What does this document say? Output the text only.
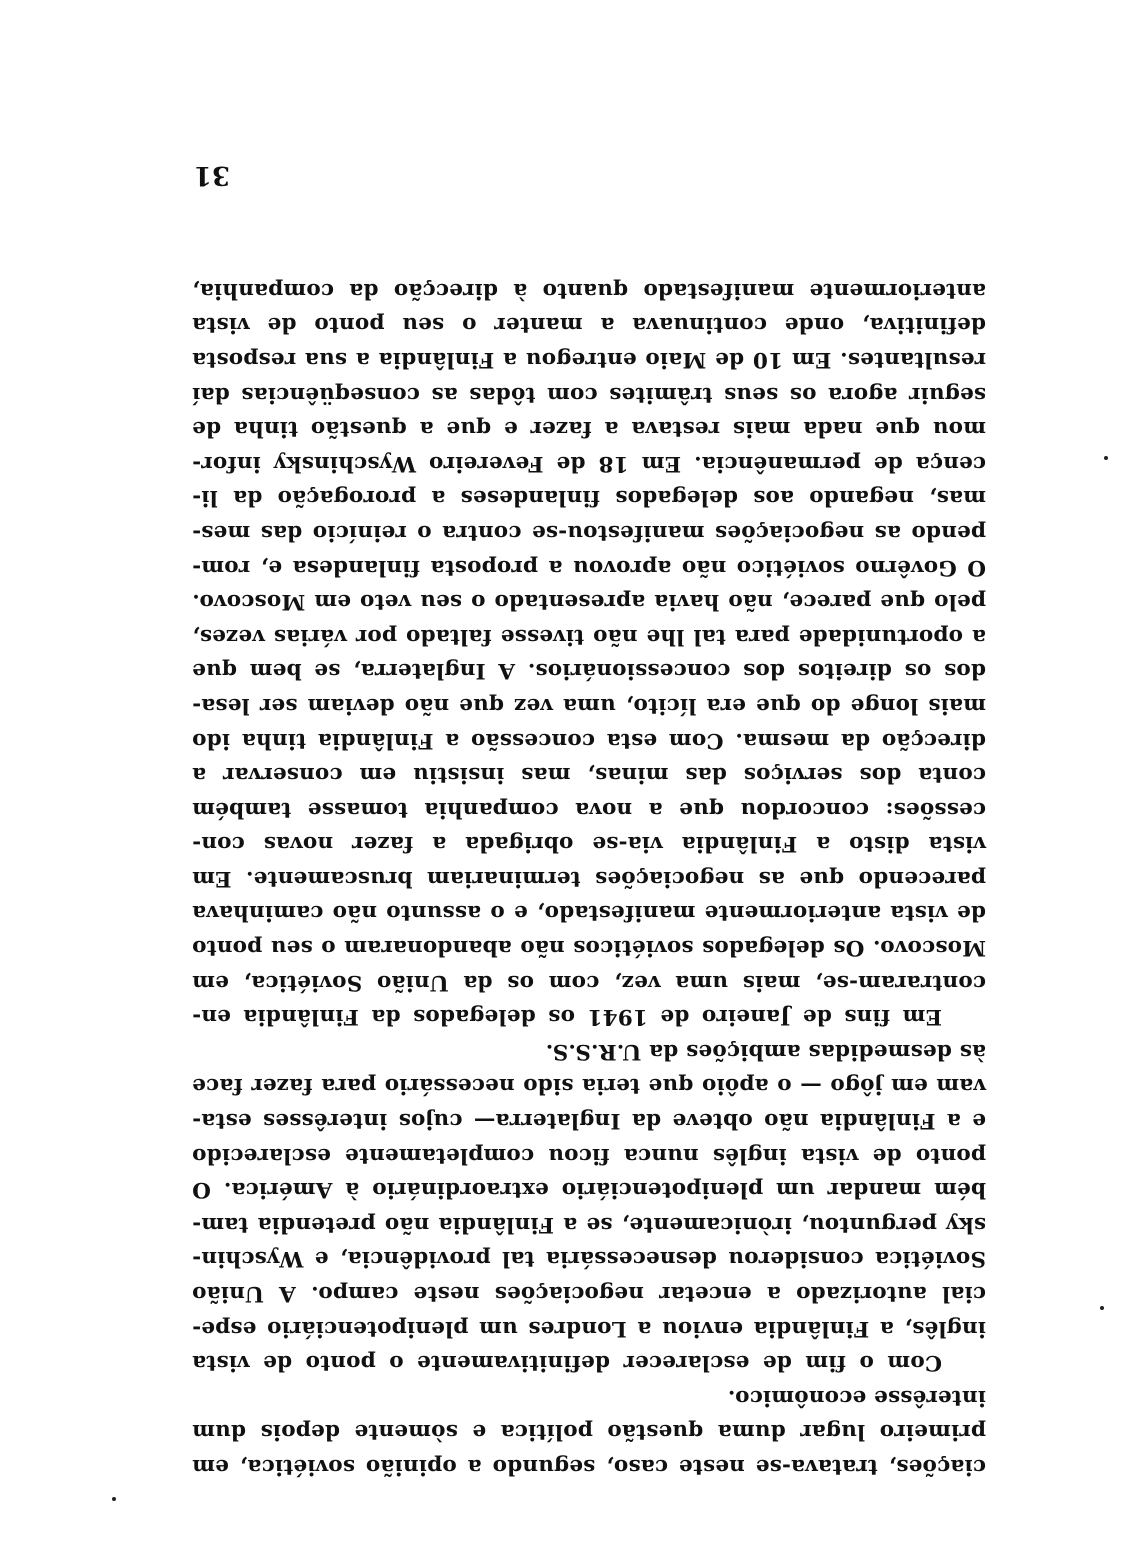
ciações, tratava-se neste caso, segundo a opinião soviética, em
primeiro lugar duma questão política e sòmente depois dum
interêsse econômico.
Com o fim de esclarecer definitivamente o ponto de vista
inglês, a Finlândia enviou a Londres um plenipotenciário espe-
cial autorizado a encetar negociações neste campo. A União
Soviética considerou desnecessária tal providência, e Wyschin-
sky perguntou, irònicamente, se a Finlândia não pretendia tam-
bém mandar um plenipotenciário extraordinário à América. O
ponto de vista inglês nunca ficou completamente esclarecido
e a Finlândia não obteve da Inglaterra— cujos interêsses esta-
vam em jôgo — o apôio que teria sido necessário para fazer face
às desmedidas ambições da U.R.S.S.
Em fins de Janeiro de 1941 os delegados da Finlândia en-
contraram-se, mais uma vez, com os da União Soviética, em
Moscovo. Os delegados soviéticos não abandonaram o seu ponto
de vista anteriormente manifestado, e o assunto não caminhava
parecendo que as negociações terminariam bruscamente. Em
vista disto a Finlândia via-se obrigada a fazer novas con-
cessões: concordou que a nova companhia tomasse também
conta dos serviços das minas, mas insistiu em conservar a
direcção da mesma. Com esta concessão a Finlândia tinha ido
mais longe do que era lícito, uma vez que não deviam ser lesa-
dos os direitos dos concessionários. A Inglaterra, se bem que
a oportunidade para tal lhe não tivesse faltado por várias vezes,
pelo que parece, não havia apresentado o seu veto em Moscovo.
O Govêrno soviético não aprovou a proposta finlandesa e, rom-
pendo as negociações manifestou-se contra o reinício das mes-
mas, negando aos delegados finlandeses a prorogação da li-
cença de permanência. Em 18 de Fevereiro Wyschinsky infor-
mou que nada mais restava a fazer e que a questão tinha de
seguir agora os seus trâmites com tôdas as conseqüências daí
resultantes. Em 10 de Maio entregou a Finlândia a sua resposta
definitiva, onde continuava a manter o seu ponto de vista
anteriormente manifestado quanto à direcção da companhia,
31
